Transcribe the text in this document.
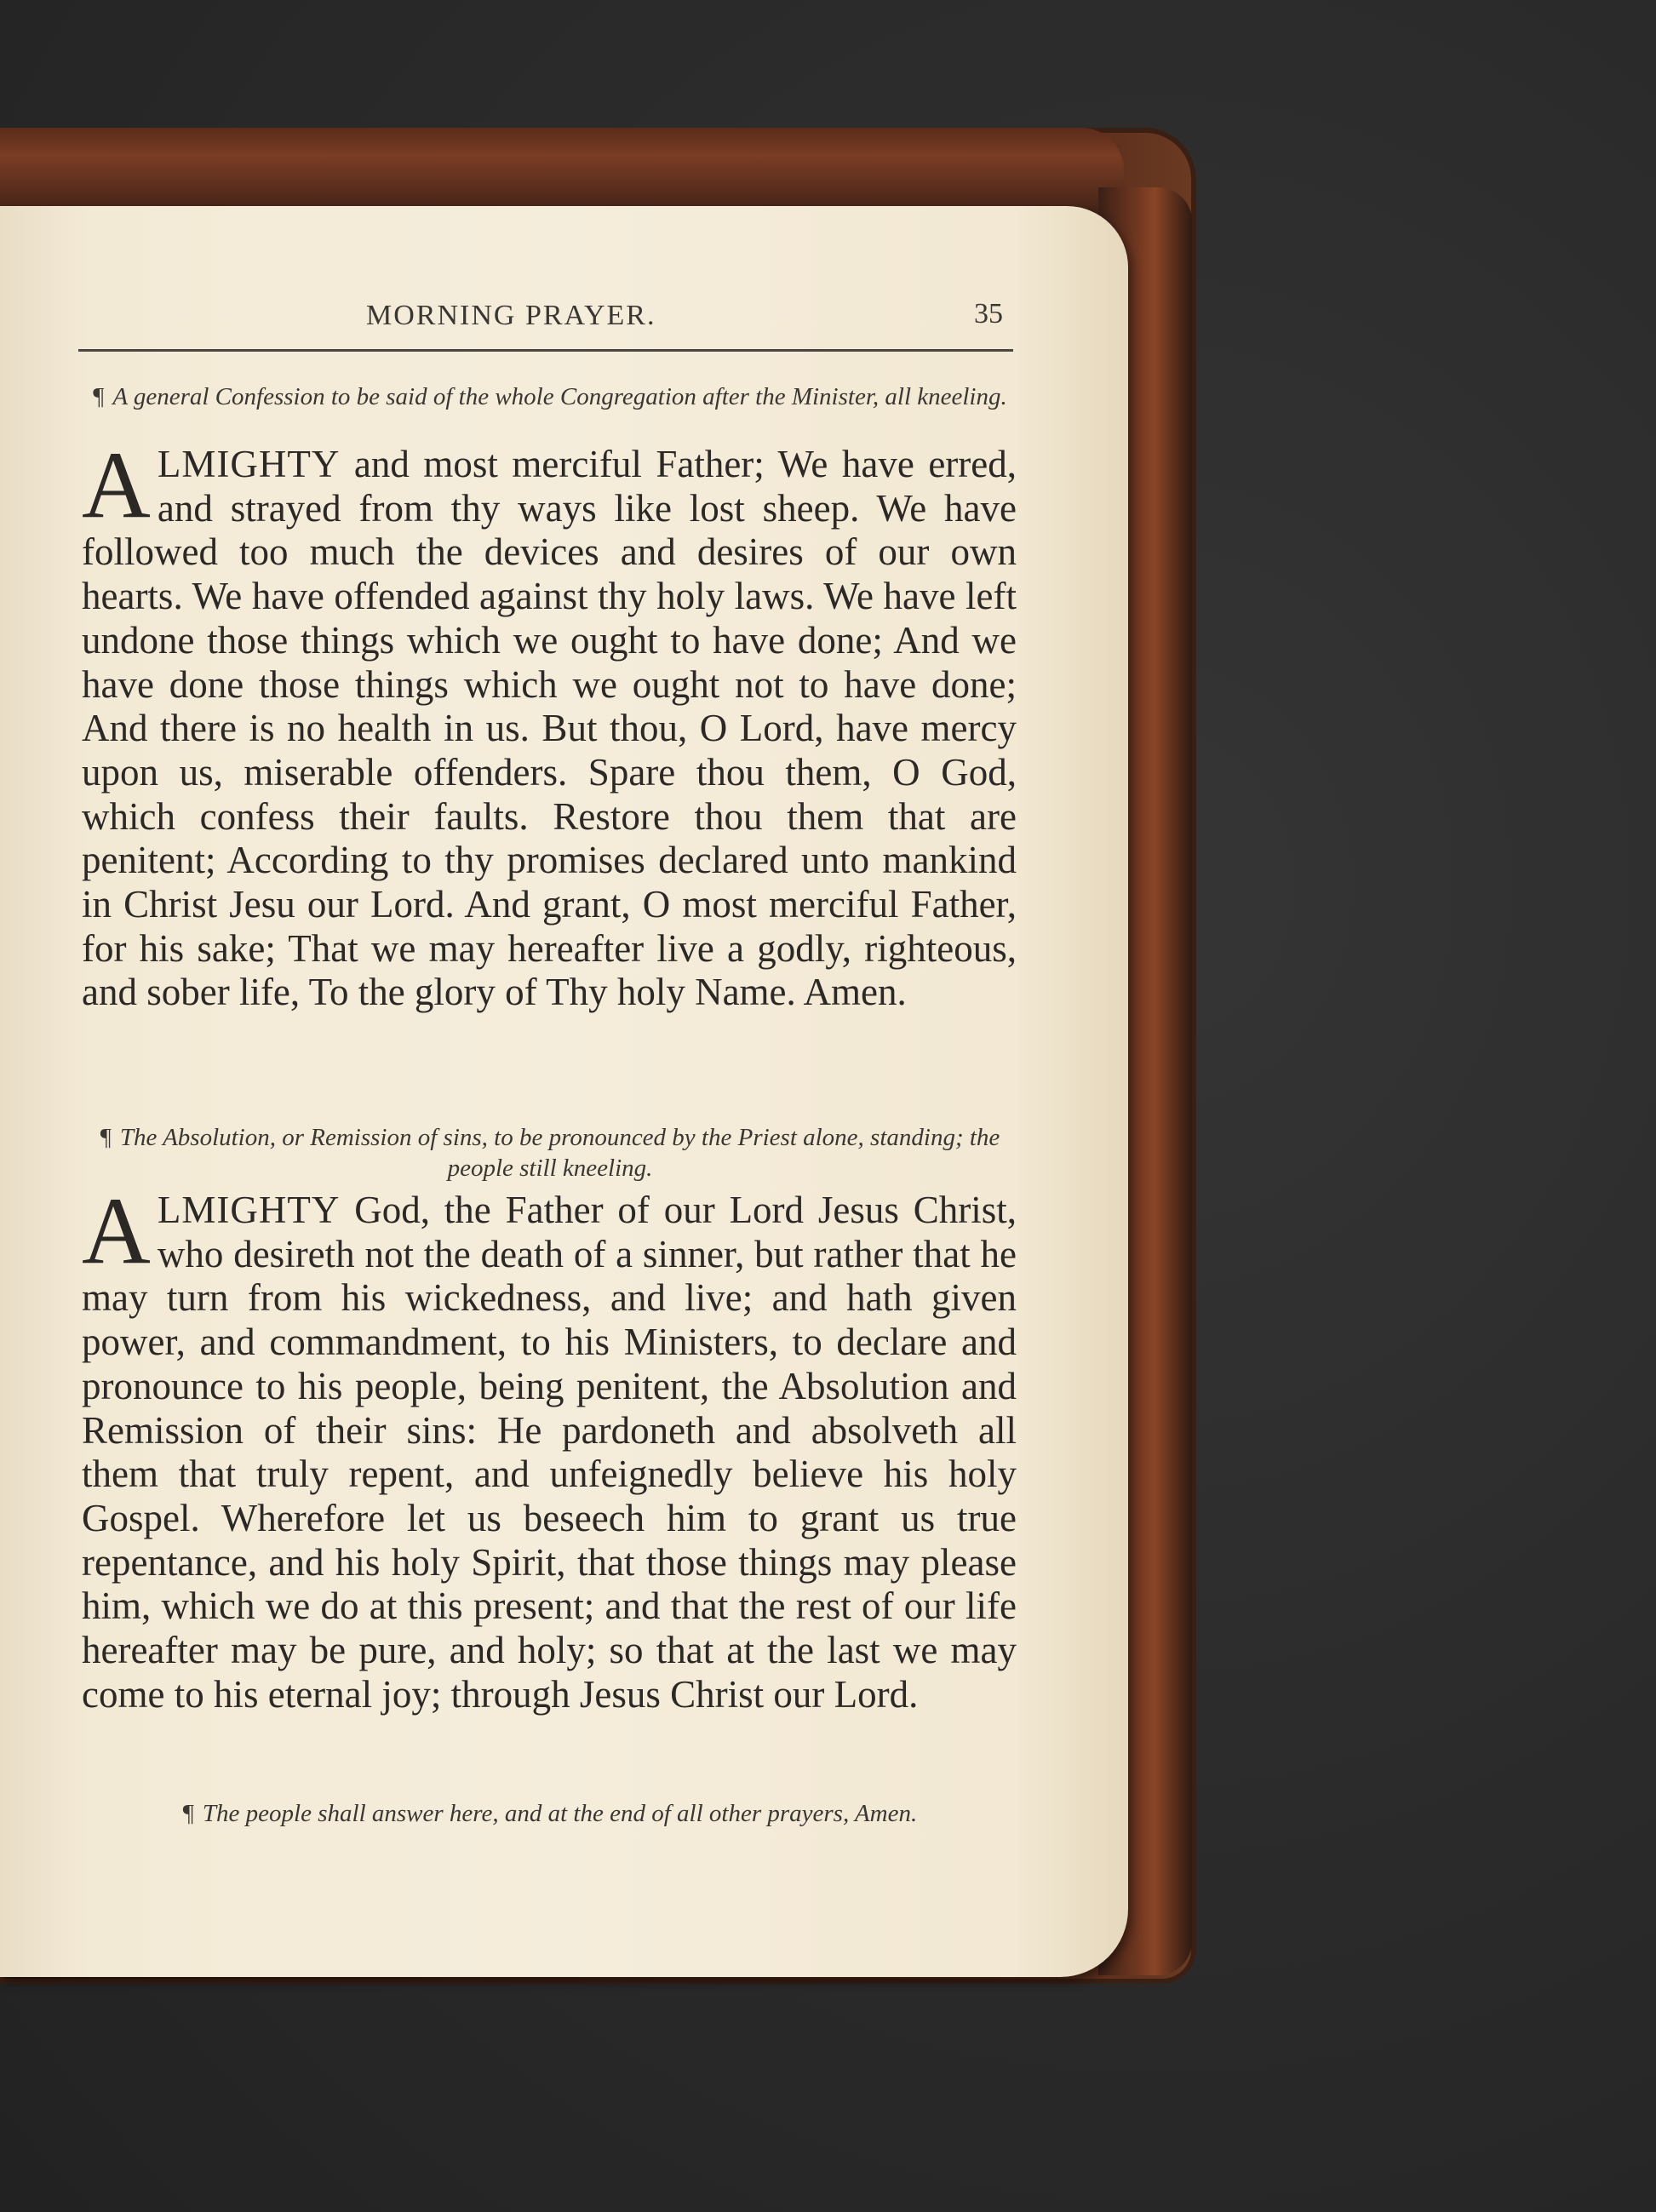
MORNING PRAYER.	35
¶ A general Confession to be said of the whole Congregation after the Minister, all kneeling.
ALMIGHTY and most merciful Father; We have erred, and strayed from thy ways like lost sheep. We have followed too much the devices and desires of our own hearts. We have offended against thy holy laws. We have left undone those things which we ought to have done; And we have done those things which we ought not to have done; And there is no health in us. But thou, O Lord, have mercy upon us, miserable offenders. Spare thou them, O God, which confess their faults. Restore thou them that are penitent; According to thy promises declared unto mankind in Christ Jesu our Lord. And grant, O most merciful Father, for his sake; That we may hereafter live a godly, righteous, and sober life, To the glory of Thy holy Name. Amen.
¶ The Absolution, or Remission of sins, to be pronounced by the Priest alone, standing; the people still kneeling.
ALMIGHTY God, the Father of our Lord Jesus Christ, who desireth not the death of a sinner, but rather that he may turn from his wickedness, and live; and hath given power, and commandment, to his Ministers, to declare and pronounce to his people, being penitent, the Absolution and Remission of their sins: He pardoneth and absolveth all them that truly repent, and unfeignedly believe his holy Gospel. Wherefore let us beseech him to grant us true repentance, and his holy Spirit, that those things may please him, which we do at this present; and that the rest of our life hereafter may be pure, and holy; so that at the last we may come to his eternal joy; through Jesus Christ our Lord.
¶ The people shall answer here, and at the end of all other prayers, Amen.
